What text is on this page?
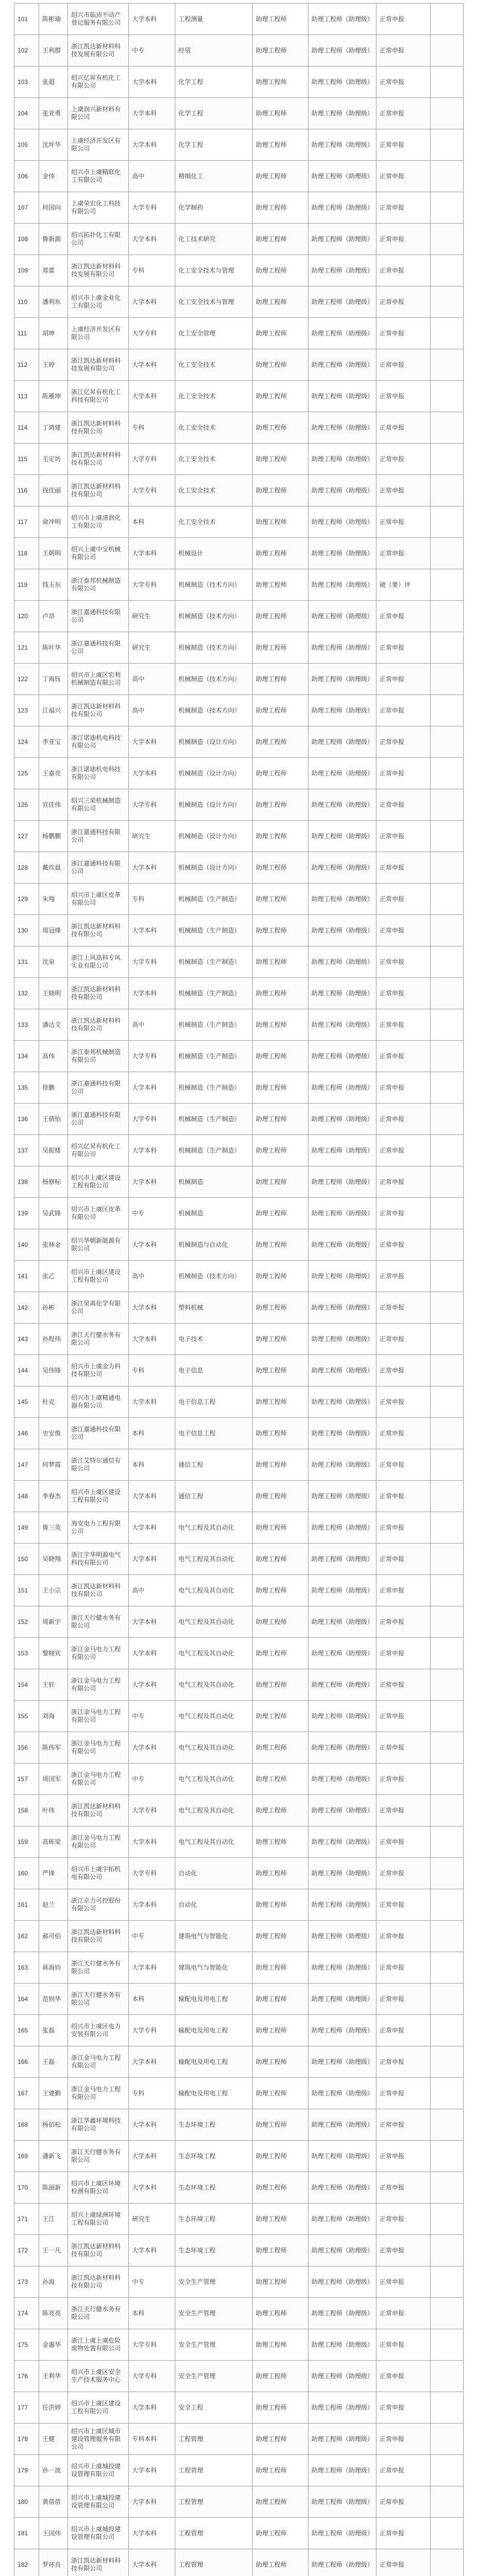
101	陈彬瑜	绍兴市临沛不动产登记服务有限公司	大学本科	工程测量	助理工程师	助理工程师（助理级）	正常申报		
102	王利群	浙江凯达新材料科技发展有限公司	中专	经贸	助理工程师	助理工程师（助理级）	正常申报		
103	张超	绍兴亿昇有机化工有限公司	大学本科	化学工程	助理工程师	助理工程师（助理级）	正常申报		
104	张亚勇	上虞润兴新材料有限公司	大学本科	化学工程	助理工程师	助理工程师（助理级）	正常申报		
105	沈坪华	上虞经济开发区有限公司	大学本科	化学工程	助理工程师	助理工程师（助理级）	正常申报		
106	金伟	绍兴市上虞精联化工有限公司	高中	精细化工	助理工程师	助理工程师（助理级）	正常申报		
107	何国向	上虞荣宏化工科技有限公司	大学专科	化学制药	助理工程师	助理工程师（助理级）	正常申报		
108	鲁新源	绍兴拓扑化工有限公司	大学本科	化工技术研究	助理工程师	助理工程师（助理级）	正常申报		
109	郑蕾	浙江凯达新材料科技发展有限公司	专科	化工安全技术与管理	助理工程师	助理工程师（助理级）	正常申报		
110	潘利东	绍兴市上虞金业化工有限公司	大学本科	化工安全技术与管理	助理工程师	助理工程师（助理级）	正常申报		
111	胡坤	上虞经济开发区有限公司	大学专科	化工安全管理	助理工程师	助理工程师（助理级）	正常申报		
112	王婷	浙江凯达新材料科技发展有限公司	大学本科	化工安全技术	助理工程师	助理工程师（助理级）	正常申报		
113	陈雁坤	浙江亿昇有机化工科技有限公司	大学本科	化工安全技术	助理工程师	助理工程师（助理级）	正常申报		
114	丁鸿建	浙江凯达新材料科技有限公司	专科	化工安全技术	助理工程师	助理工程师（助理级）	正常申报		
115	毛定坊	浙江凯达新材料科技有限公司	大学专科	化工安全技术	助理工程师	助理工程师（助理级）	正常申报		
116	钱佳丽	浙江凯达新材料科技有限公司	大学专科	化工安全技术	助理工程师	助理工程师（助理级）	正常申报		
117	俞冲明	绍兴市上虞清润化工有限公司	本科	化工安全技术	助理工程师	助理工程师（助理级）	正常申报		
118	王朝明	绍兴上虞中宝机械有限公司	大学本科	机械设计	助理工程师	助理工程师（助理级）	正常申报		
119	钱玉东	浙江泰邦机械制造有限公司	大学专科	机械制造（技术方向）	助理工程师	助理工程师（助理级）	破（要）评		
120	卢昂	浙江嘉通科技有限公司	研究生	机械制造（技术方向）	助理工程师	助理工程师（助理级）	正常申报		
121	陈叶华	浙江嘉通科技有限公司	研究生	机械制造（技术方向）	助理工程师	助理工程师（助理级）	正常申报		
122	丁海钰	绍兴市上虞区宏利机械制造有限公司	高中	机械制造（技术方向）	助理工程师	助理工程师（助理级）	正常申报		
123	江福兴	浙江凯达新材料科技有限公司	高中	机械制造（技术方向）	助理工程师	助理工程师（助理级）	正常申报		
124	李亚宝	浙江诺迪机电科技有限公司	大学本科	机械制造（设计方向）	助理工程师	助理工程师（助理级）	正常申报		
125	王嘉亮	浙江诺迪机电科技有限公司	大学本科	机械制造（设计方向）	助理工程师	助理工程师（助理级）	正常申报		
126	宣佳伟	绍兴三荣机械制造有限公司	大学专科	机械制造（设计方向）	助理工程师	助理工程师（助理级）	正常申报		
127	杨鹏鹏	浙江嘉通科技有限公司	研究生	机械制造（设计方向）	助理工程师	助理工程师（助理级）	正常申报		
128	戴玖晨	浙江嘉通科技有限公司	大学本科	机械制造（设计方向）	助理工程师	助理工程师（助理级）	正常申报		
129	朱翔	绍兴市上虞区皮革有限公司	专科	机械制造（生产制造）	助理工程师	助理工程师（助理级）	正常申报		
130	周冠烽	浙江凯达新材料科技有限公司	大学本科	机械制造（生产制造）	助理工程师	助理工程师（助理级）	正常申报		
131	沈泉	浙江上风高科专风实业有限公司	大学专科	机械制造（生产制造）	助理工程师	助理工程师（助理级）	正常申报		
132	王晓明	浙江凯达新材料科技有限公司	大学本科	机械制造（生产制造）	助理工程师	助理工程师（助理级）	正常申报		
133	潘达文	浙江凯达新材料科技有限公司	高中	机械制造（生产制造）	助理工程师	助理工程师（助理级）	正常申报		
134	高伟	浙江泰邦机械制造有限公司	大学专科	机械制造（生产制造）	助理工程师	助理工程师（助理级）	正常申报		
135	徐鹏	浙江嘉通科技有限公司	大学本科	机械制造（生产制造）	助理工程师	助理工程师（助理级）	正常申报		
136	王倩怡	浙江嘉通科技有限公司	大学专科	机械制造（生产制造）	助理工程师	助理工程师（助理级）	正常申报		
137	吴振楼	绍兴亿昇有机化工有限公司	大学本科	机械制造（生产制造）	助理工程师	助理工程师（助理级）	正常申报		
138	杨修标	绍兴市上虞区建设工程有限公司	大学本科	机械制造	助理工程师	助理工程师（助理级）	正常申报		
139	吴武锋	绍兴市上虞区皮革有限公司	中专	机械制造	助理工程师	助理工程师（助理级）	正常申报		
140	张林金	绍兴华朝新能源有限公司	大学本科	机械制造与自动化	助理工程师	助理工程师（助理级）	正常申报		
141	张乙	绍兴市上虞区建设工程有限公司	高中	机械制造（技术方向）	助理工程师	助理工程师（助理级）	正常申报		
142	孙彬	浙江昊禹化学有限公司	大学本科	塑料机械	助理工程师	助理工程师（助理级）	正常申报		
143	孙程伟	浙江天行健水务有限公司	大学本科	电子技术	助理工程师	助理工程师（助理级）	正常申报		
144	吴伟锋	绍兴市上虞金力科技有限公司	专科	电子信息	助理工程师	助理工程师（助理级）	正常申报		
145	杜克	绍兴市上虞精通电器有限公司	大学本科	电子信息工程	助理工程师	助理工程师（助理级）	正常申报		
146	史安俊	浙江嘉通科技有限公司	本科	电子信息工程	助理工程师	助理工程师（助理级）	正常申报		
147	何梦霞	浙江艾特尔通信有限公司	本科	通信工程	助理工程师	助理工程师（助理级）	正常申报		
148	李春杰	绍兴市上虞区建设工程有限公司	大学本科	通信工程	助理工程师	助理工程师（助理级）	正常申报		
149	鲁三英	海安电力工程有限公司	大学本科	电气工程及其自动化	助理工程师	助理工程师（助理级）	正常申报		
150	吴晓翔	浙江宇华明源电气科技有限公司	大学本科	电气工程及其自动化	助理工程师	助理工程师（助理级）	正常申报		
151	王小宗	浙江凯达新材料科技有限公司	高中	电气工程及其自动化	助理工程师	助理工程师（助理级）	正常申报		
152	周新宇	浙江天行健水务有限公司	大学本科	电气工程及其自动化	助理工程师	助理工程师（助理级）	正常申报		
153	黎晓宾	浙江金马电力工程有限公司	大学本科	电气工程及其自动化	助理工程师	助理工程师（助理级）	正常申报		
154	王轩	浙江金马电力工程有限公司	大学本科	电气工程及其自动化	助理工程师	助理工程师（助理级）	正常申报		
155	刘海	浙江金马电力工程有限公司	中专	电气工程及其自动化	助理工程师	助理工程师（助理级）	正常申报		
156	陈伟军	浙江金马电力工程有限公司	大学本科	电气工程及其自动化	助理工程师	助理工程师（助理级）	正常申报		
157	周国军	浙江金马电力工程有限公司	中专	电气工程及其自动化	助理工程师	助理工程师（助理级）	正常申报		
158	叶伟	浙江凯达新材料科技有限公司	大学专科	电气工程及其自动化	助理工程师	助理工程师（助理级）	正常申报		
159	高栋梁	浙江金马电力工程有限公司	大学本科	电气工程及其自动化	助理工程师	助理工程师（助理级）	正常申报		
160	严锋	绍兴市上虞宇拓机电有限公司	大学专科	自动化	助理工程师	助理工程师（助理级）	正常申报		
161	赵兰	浙江京力可控股份有限公司	大学本科	自动化	助理工程师	助理工程师（助理级）	正常申报		
162	郝可伯	浙江凯达新材料科技有限公司	中专	建筑电气与智能化	助理工程师	助理工程师（助理级）	正常申报		
163	蒋海钧	浙江天行健水务有限公司	大学本科	建筑电气与智能化	助理工程师	助理工程师（助理级）	正常申报		
164	范则华	浙江天行健水务有限公司	本科	输配电及用电工程	助理工程师	助理工程师（助理级）	正常申报		
165	张磊	绍兴市上虞区电力安装有限公司	大学专科	输配电及用电工程	助理工程师	助理工程师（助理级）	正常申报		
166	王磊	浙江金马电力工程有限公司	大学本科	输配电及用电工程	助理工程师	助理工程师（助理级）	正常申报		
167	王建勤	浙江金马电力工程有限公司	专科	输配电及用电工程	助理工程师	助理工程师（助理级）	正常申报		
168	杨佰松	浙江华鑫环境科技有限公司	大学本科	生态环境工程	助理工程师	助理工程师（助理级）	正常申报		
169	潘新飞	浙江天行健水务有限公司	大学本科	生态环境工程	助理工程师	助理工程师（助理级）	正常申报		
170	陈丽新	绍兴市上虞区环境检测有限公司	大学本科	生态环境工程	助理工程师	助理工程师（助理级）	正常申报		
171	王江	绍兴上虞绿洲环境工程有限公司	研究生	生态环境工程	助理工程师	助理工程师（助理级）	正常申报		
172	王一凡	浙江凯达新材料科技有限公司	大学本科	生态环境工程	助理工程师	助理工程师（助理级）	正常申报		
173	孙海	浙江凯达新材料科技有限公司	中专	安全生产管理	助理工程师	助理工程师（助理级）	正常申报		
174	陈亮亮	浙江天行健水务有限公司	本科	安全生产管理	助理工程师	助理工程师（助理级）	正常申报		
175	金惠华	浙江上虞上虞危险废物处置有限公司	大学专科	安全生产管理	助理工程师	助理工程师（助理级）	正常申报		
176	王利华	绍兴市上虞区安全生产技术服务中心	大学专科	安全生产管理	助理工程师	助理工程师（助理级）	正常申报		
177	任洪婷	绍兴市上虞区建设工程有限公司	大学本科	安全工程	助理工程师	助理工程师（助理级）	正常申报		
178	王健	绍兴市上虞区城市建设管理服务有限公司	专科本科	工程管理	助理工程师	助理工程师（助理级）	正常申报		
179	孙一波	绍兴市上虞城投建设管理有限公司	大学本科	工程管理	助理工程师	助理工程师（助理级）	正常申报		
180	黄蓓蓓	绍兴市上虞城投建设管理有限公司	大学本科	工程管理	助理工程师	助理工程师（助理级）	正常申报		
181	王国伟	绍兴市上虞城投建设管理有限公司	大学本科	工程管理	助理工程师	助理工程师（助理级）	正常申报		
182	罗环良	浙江凯达新材料科技有限公司	大学本科	工程管理	助理工程师	助理工程师（助理级）	正常申报		
